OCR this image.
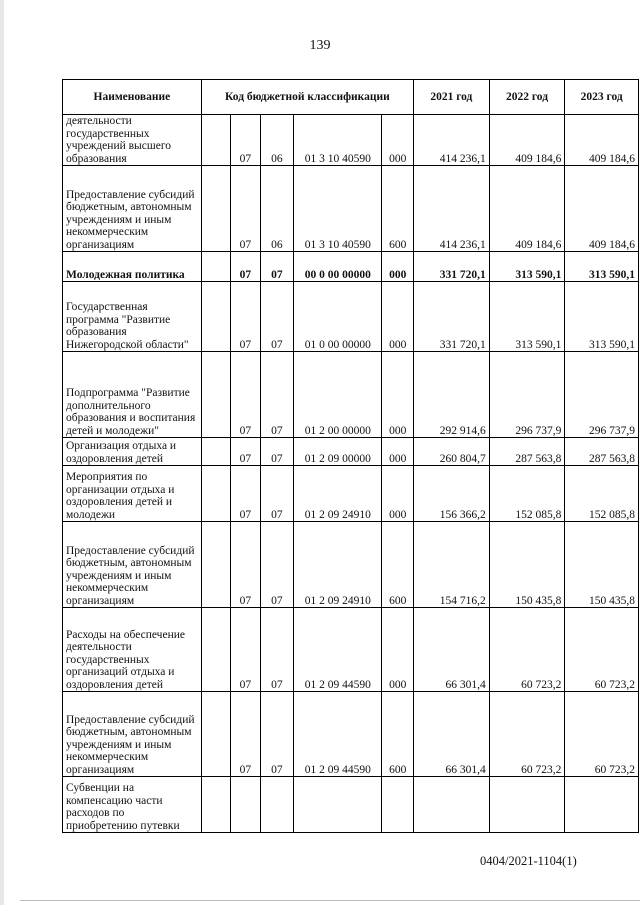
139
Наименование	Код бюджетной классификации					2021 год	2022 год	2023 год
деятельности государственных учреждений высшего образования		07	06	01 3 10 40590	000	414 236,1	409 184,6	409 184,6
Предоставление субсидий бюджетным, автономным учреждениям и иным некоммерческим организациям		07	06	01 3 10 40590	600	414 236,1	409 184,6	409 184,6
Молодежная политика		07	07	00 0 00 00000	000	331 720,1	313 590,1	313 590,1
Государственная программа "Развитие образования Нижегородской области"		07	07	01 0 00 00000	000	331 720,1	313 590,1	313 590,1
Подпрограмма "Развитие дополнительного образования и воспитания детей и молодежи"		07	07	01 2 00 00000	000	292 914,6	296 737,9	296 737,9
Организация отдыха и оздоровления детей		07	07	01 2 09 00000	000	260 804,7	287 563,8	287 563,8
Мероприятия по организации отдыха и оздоровления детей и молодежи		07	07	01 2 09 24910	000	156 366,2	152 085,8	152 085,8
Предоставление субсидий бюджетным, автономным учреждениям и иным некоммерческим организациям		07	07	01 2 09 24910	600	154 716,2	150 435,8	150 435,8
Расходы на обеспечение деятельности государственных организаций отдыха и оздоровления детей		07	07	01 2 09 44590	000	66 301,4	60 723,2	60 723,2
Предоставление субсидий бюджетным, автономным учреждениям и иным некоммерческим организациям		07	07	01 2 09 44590	600	66 301,4	60 723,2	60 723,2
Субвенции на компенсацию части расходов по приобретению путевки								
0404/2021-1104(1)
